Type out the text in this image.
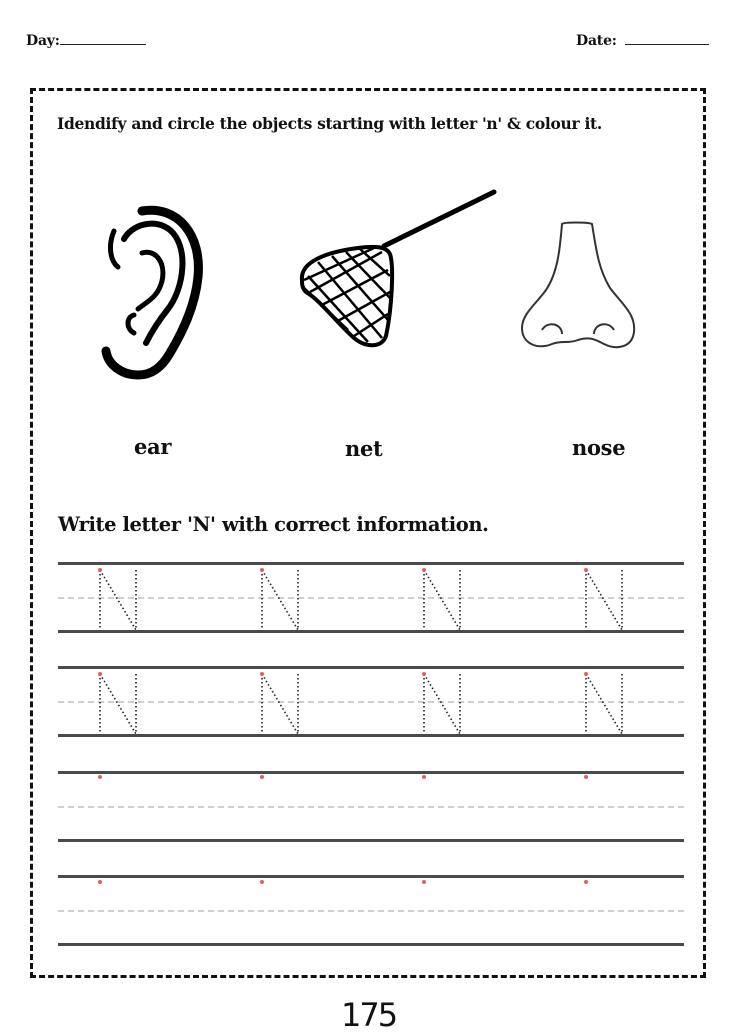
Day:	Date:
Idendify and circle the objects starting with letter 'n' & colour it.
ear	net	nose
Write letter 'N' with correct information.
175
